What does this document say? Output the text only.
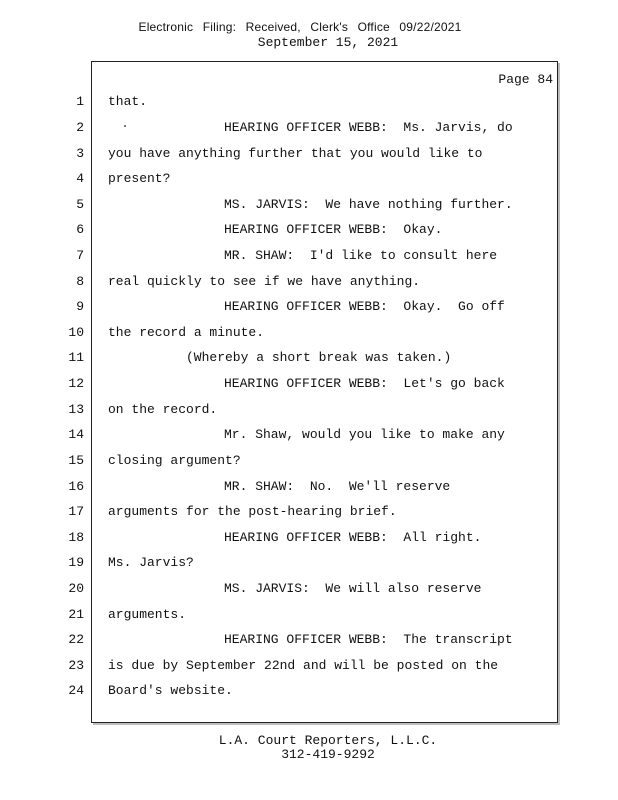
Electronic Filing: Received, Clerk's Office 09/22/2021
September 15, 2021
Page 84
1 that.
2	HEARING OFFICER WEBB:  Ms. Jarvis, do
3 you have anything further that you would like to
4 present?
5	MS. JARVIS:  We have nothing further.
6	HEARING OFFICER WEBB:  Okay.
7	MR. SHAW:  I'd like to consult here
8 real quickly to see if we have anything.
9	HEARING OFFICER WEBB:  Okay.  Go off
10 the record a minute.
11	(Whereby a short break was taken.)
12	HEARING OFFICER WEBB:  Let's go back
13 on the record.
14	Mr. Shaw, would you like to make any
15 closing argument?
16	MR. SHAW:  No.  We'll reserve
17 arguments for the post-hearing brief.
18	HEARING OFFICER WEBB:  All right.
19 Ms. Jarvis?
20	MS. JARVIS:  We will also reserve
21 arguments.
22	HEARING OFFICER WEBB:  The transcript
23 is due by September 22nd and will be posted on the
24 Board's website.
L.A. Court Reporters, L.L.C.
312-419-9292
